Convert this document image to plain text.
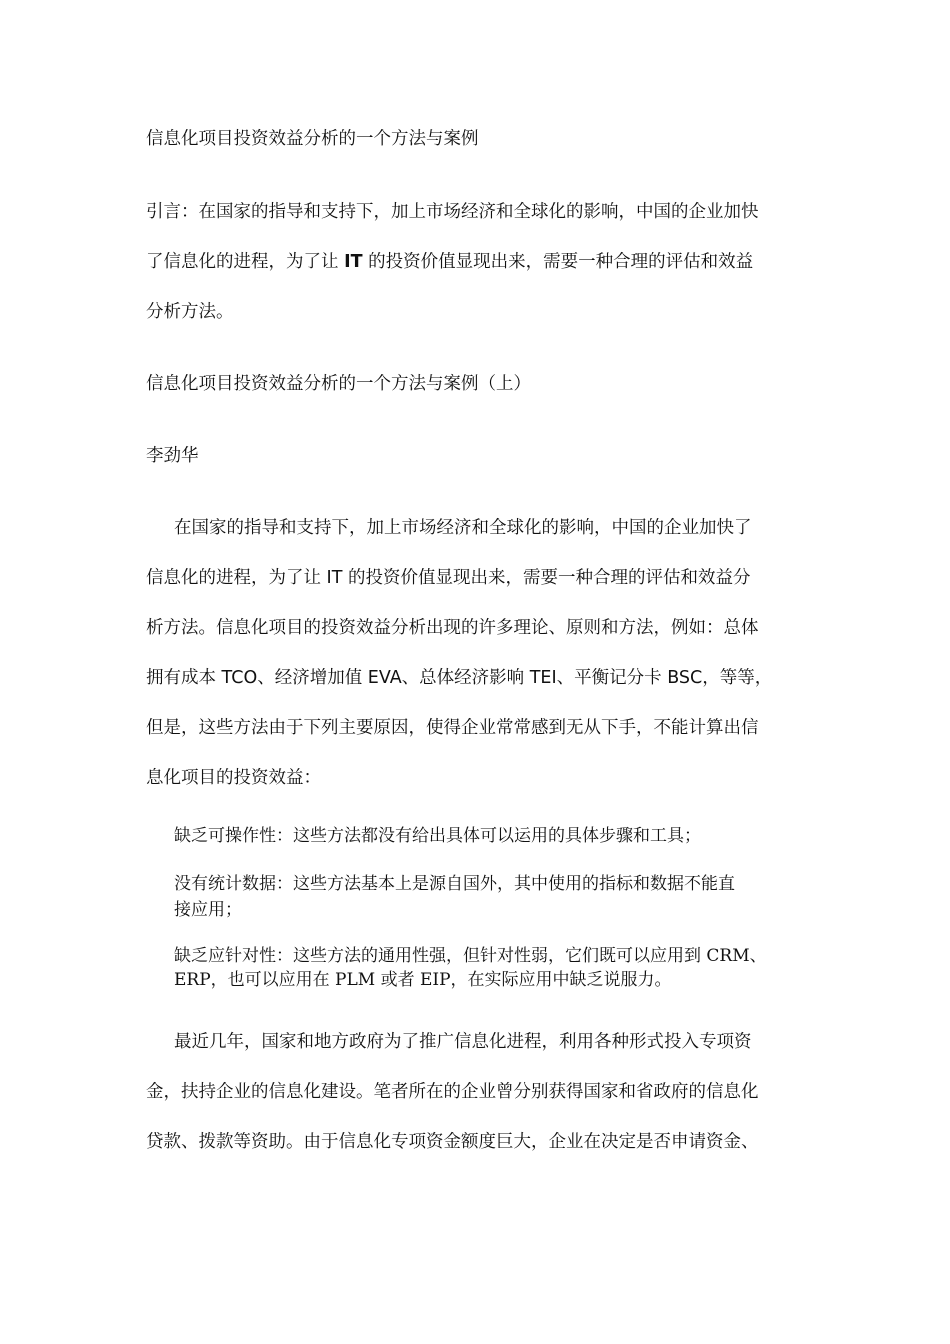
信息化项目投资效益分析的一个方法与案例
引言：在国家的指导和支持下，加上市场经济和全球化的影响，中国的企业加快
了信息化的进程，为了让 IT 的投资价值显现出来，需要一种合理的评估和效益
分析方法。
信息化项目投资效益分析的一个方法与案例（上）
李劲华
在国家的指导和支持下，加上市场经济和全球化的影响，中国的企业加快了
信息化的进程，为了让 IT 的投资价值显现出来，需要一种合理的评估和效益分
析方法。信息化项目的投资效益分析出现的许多理论、原则和方法，例如：总体
拥有成本 TCO、经济增加值 EVA、总体经济影响 TEI、平衡记分卡 BSC，等等，
但是，这些方法由于下列主要原因，使得企业常常感到无从下手，不能计算出信
息化项目的投资效益：
缺乏可操作性：这些方法都没有给出具体可以运用的具体步骤和工具；
没有统计数据：这些方法基本上是源自国外，其中使用的指标和数据不能直
接应用；
缺乏应针对性：这些方法的通用性强，但针对性弱，它们既可以应用到 CRM、
ERP，也可以应用在 PLM 或者 EIP，在实际应用中缺乏说服力。
最近几年，国家和地方政府为了推广信息化进程，利用各种形式投入专项资
金，扶持企业的信息化建设。笔者所在的企业曾分别获得国家和省政府的信息化
贷款、拨款等资助。由于信息化专项资金额度巨大，企业在决定是否申请资金、
